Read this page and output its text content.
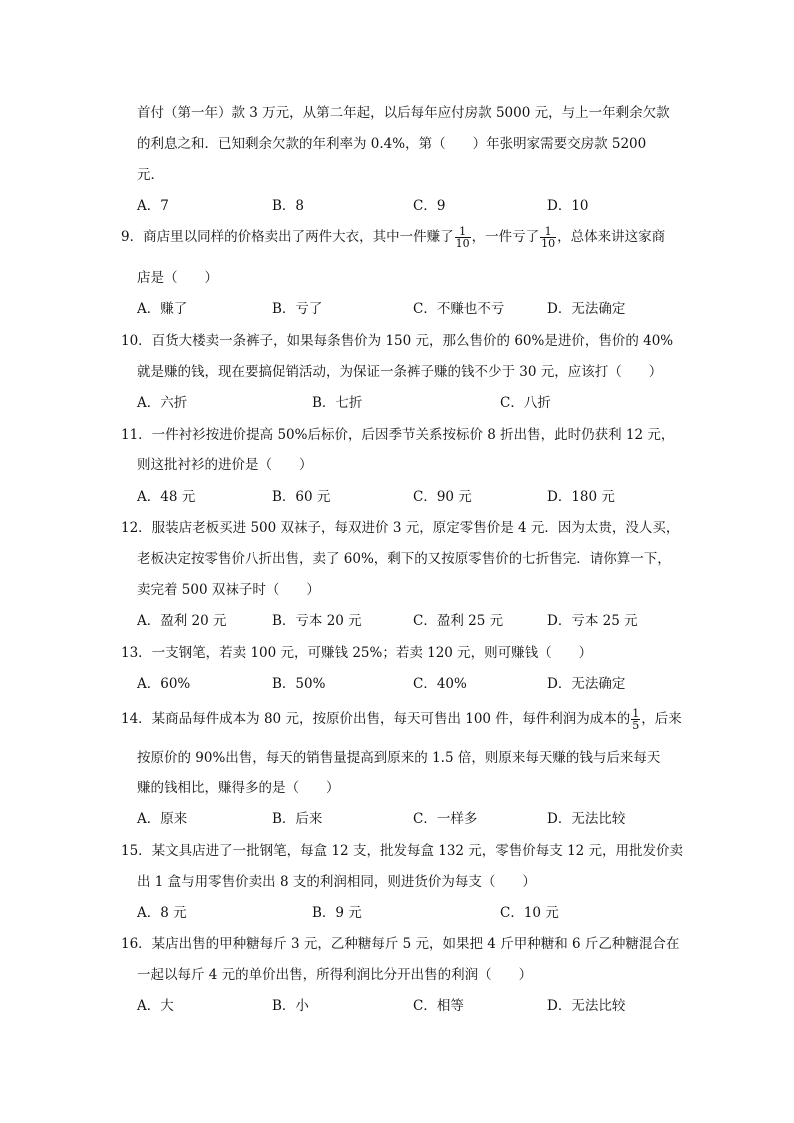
首付（第一年）款 3 万元，从第二年起，以后每年应付房款 5000 元，与上一年剩余欠款
的利息之和．已知剩余欠款的年利率为 0.4%，第（　　）年张明家需要交房款 5200
元．
A．7	B．8	C．9	D．10
9．商店里以同样的价格卖出了两件大衣，其中一件赚了 $\frac{1}{10}$ ，一件亏了 $\frac{1}{10}$ ，总体来讲这家商
店是（　　）
A．赚了	B．亏了	C．不赚也不亏	D．无法确定
10．百货大楼卖一条裤子，如果每条售价为 150 元，那么售价的 60%是进价，售价的 40%
就是赚的钱，现在要搞促销活动，为保证一条裤子赚的钱不少于 30 元，应该打（　　）
A．六折	B．七折	C．八折
11．一件衬衫按进价提高 50%后标价，后因季节关系按标价 8 折出售，此时仍获利 12 元，
则这批衬衫的进价是（　　）
A．48 元	B．60 元	C．90 元	D．180 元
12．服装店老板买进 500 双袜子，每双进价 3 元，原定零售价是 4 元．因为太贵，没人买，
老板决定按零售价八折出售，卖了 60%，剩下的又按原零售价的七折售完．请你算一下，
卖完着 500 双袜子时（　　）
A．盈利 20 元	B．亏本 20 元	C．盈利 25 元	D．亏本 25 元
13．一支钢笔，若卖 100 元，可赚钱 25%；若卖 120 元，则可赚钱（　　）
A．60%	B．50%	C．40%	D．无法确定
14．某商品每件成本为 80 元，按原价出售，每天可售出 100 件，每件利润为成本的 $\frac{1}{5}$ ，后来
按原价的 90%出售，每天的销售量提高到原来的 1.5 倍，则原来每天赚的钱与后来每天
赚的钱相比，赚得多的是（　　）
A．原来	B．后来	C．一样多	D．无法比较
15．某文具店进了一批钢笔，每盒 12 支，批发每盒 132 元，零售价每支 12 元，用批发价卖
出 1 盒与用零售价卖出 8 支的利润相同，则进货价为每支（　　）
A．8 元	B．9 元	C．10 元
16．某店出售的甲种糖每斤 3 元，乙种糖每斤 5 元，如果把 4 斤甲种糖和 6 斤乙种糖混合在
一起以每斤 4 元的单价出售，所得利润比分开出售的利润（　　）
A．大	B．小	C．相等	D．无法比较
